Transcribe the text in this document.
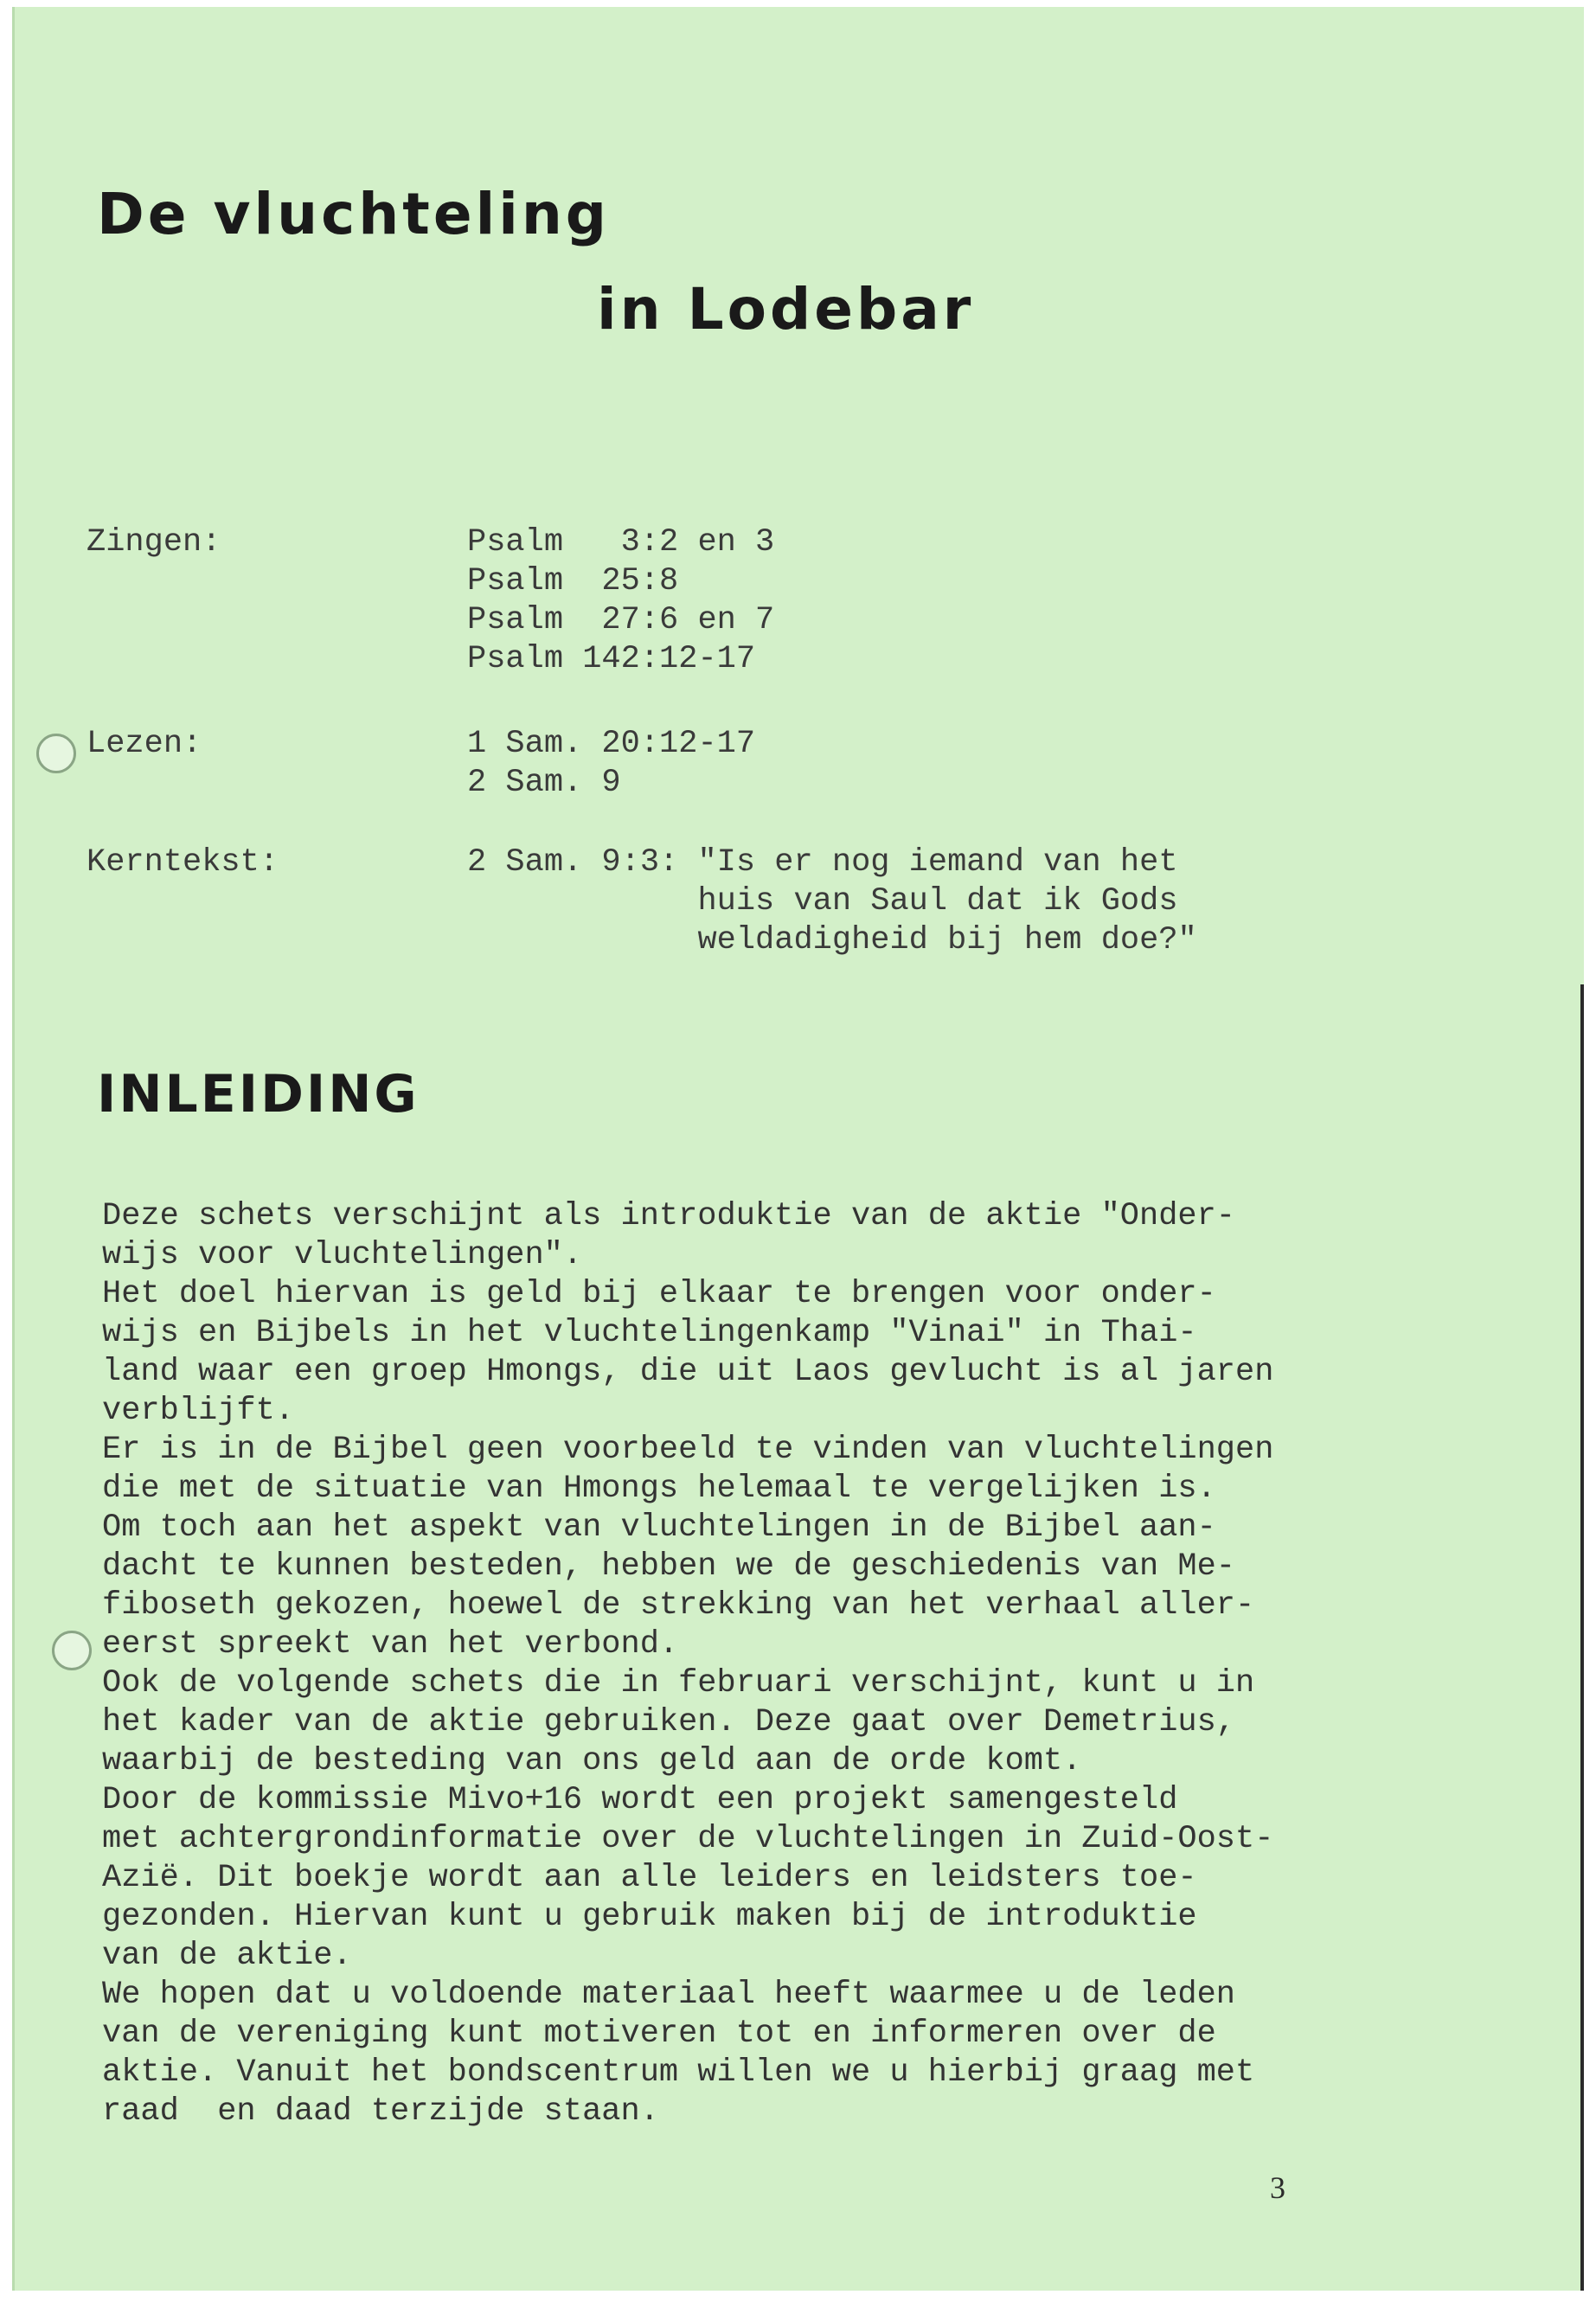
De vluchteling
in Lodebar
Zingen:	Psalm   3:2 en 3
Psalm  25:8
Psalm  27:6 en 7
Psalm 142:12-17
Lezen:	1 Sam. 20:12-17
2 Sam. 9
Kerntekst:	2 Sam. 9:3: "Is er nog iemand van het
huis van Saul dat ik Gods
weldadigheid bij hem doe?"
INLEIDING
Deze schets verschijnt als introduktie van de aktie "Onder-
wijs voor vluchtelingen".
Het doel hiervan is geld bij elkaar te brengen voor onder-
wijs en Bijbels in het vluchtelingenkamp "Vinai" in Thai-
land waar een groep Hmongs, die uit Laos gevlucht is al jaren
verblijft.
Er is in de Bijbel geen voorbeeld te vinden van vluchtelingen
die met de situatie van Hmongs helemaal te vergelijken is.
Om toch aan het aspekt van vluchtelingen in de Bijbel aan-
dacht te kunnen besteden, hebben we de geschiedenis van Me-
fiboseth gekozen, hoewel de strekking van het verhaal aller-
eerst spreekt van het verbond.
Ook de volgende schets die in februari verschijnt, kunt u in
het kader van de aktie gebruiken. Deze gaat over Demetrius,
waarbij de besteding van ons geld aan de orde komt.
Door de kommissie Mivo+16 wordt een projekt samengesteld
met achtergrondinformatie over de vluchtelingen in Zuid-Oost-
Azië. Dit boekje wordt aan alle leiders en leidsters toe-
gezonden. Hiervan kunt u gebruik maken bij de introduktie
van de aktie.
We hopen dat u voldoende materiaal heeft waarmee u de leden
van de vereniging kunt motiveren tot en informeren over de
aktie. Vanuit het bondscentrum willen we u hierbij graag met
raad  en daad terzijde staan.
3
